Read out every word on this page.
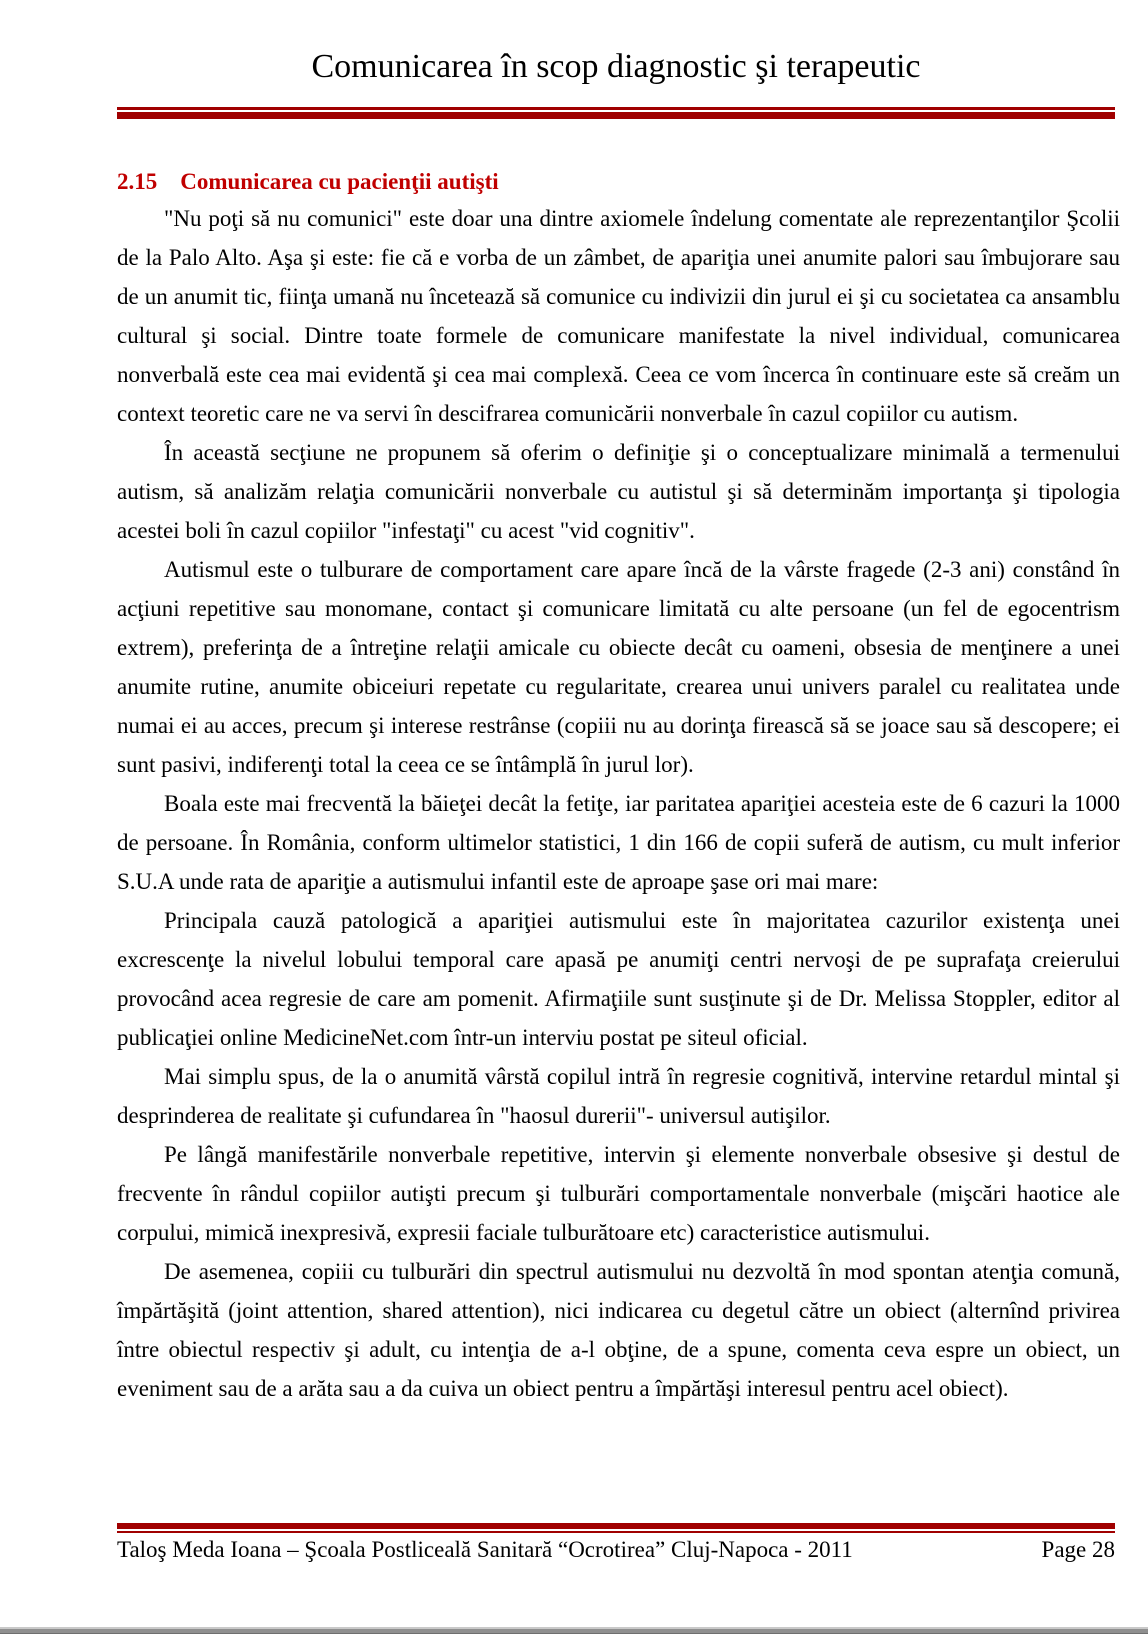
Comunicarea în scop diagnostic şi terapeutic
2.15 Comunicarea cu pacienţii autişti

"Nu poţi să nu comunici" este doar una dintre axiomele îndelung comentate ale reprezentanţilor Şcolii de la Palo Alto. Aşa şi este: fie că e vorba de un zâmbet, de apariţia unei anumite palori sau îmbujorare sau de un anumit tic, fiinţa umană nu încetează să comunice cu indivizii din jurul ei şi cu societatea ca ansamblu cultural şi social. Dintre toate formele de comunicare manifestate la nivel individual, comunicarea nonverbală este cea mai evidentă şi cea mai complexă. Ceea ce vom încerca în continuare este să creăm un context teoretic care ne va servi în descifrarea comunicării nonverbale în cazul copiilor cu autism.

În această secţiune ne propunem să oferim o definiţie şi o conceptualizare minimală a termenului autism, să analizăm relaţia comunicării nonverbale cu autistul şi să determinăm importanţa şi tipologia acestei boli în cazul copiilor "infestaţi" cu acest "vid cognitiv".

Autismul este o tulburare de comportament care apare încă de la vârste fragede (2-3 ani) constând în acţiuni repetitive sau monomane, contact şi comunicare limitată cu alte persoane (un fel de egocentrism extrem), preferinţa de a întreţine relaţii amicale cu obiecte decât cu oameni, obsesia de menţinere a unei anumite rutine, anumite obiceiuri repetate cu regularitate, crearea unui univers paralel cu realitatea unde numai ei au acces, precum şi interese restrânse (copiii nu au dorinţa firească să se joace sau să descopere; ei sunt pasivi, indiferenţi total la ceea ce se întâmplă în jurul lor).

Boala este mai frecventă la băieţei decât la fetiţe, iar paritatea apariţiei acesteia este de 6 cazuri la 1000 de persoane. În România, conform ultimelor statistici, 1 din 166 de copii suferă de autism, cu mult inferior S.U.A unde rata de apariţie a autismului infantil este de aproape şase ori mai mare:

Principala cauză patologică a apariţiei autismului este în majoritatea cazurilor existenţa unei excrescenţe la nivelul lobului temporal care apasă pe anumiţi centri nervoşi de pe suprafaţa creierului provocând acea regresie de care am pomenit. Afirmaţiile sunt susţinute şi de Dr. Melissa Stoppler, editor al publicaţiei online MedicineNet.com într-un interviu postat pe siteul oficial.

Mai simplu spus, de la o anumită vârstă copilul intră în regresie cognitivă, intervine retardul mintal şi desprinderea de realitate şi cufundarea în "haosul durerii"- universul autişilor.

Pe lângă manifestările nonverbale repetitive, intervin şi elemente nonverbale obsesive şi destul de frecvente în rândul copiilor autişti precum şi tulburări comportamentale nonverbale (mişcări haotice ale corpului, mimică inexpresivă, expresii faciale tulburătoare etc) caracteristice autismului.

De asemenea, copiii cu tulburări din spectrul autismului nu dezvoltă în mod spontan atenţia comună, împărtăşită (joint attention, shared attention), nici indicarea cu degetul către un obiect (alternînd privirea între obiectul respectiv şi adult, cu intenţia de a-l obţine, de a spune, comenta ceva espre un obiect, un eveniment sau de a arăta sau a da cuiva un obiect pentru a împărtăşi interesul pentru acel obiect).

Taloş Meda Ioana – Şcoala Postliceală Sanitară “Ocrotirea” Cluj-Napoca - 2011	Page 28
